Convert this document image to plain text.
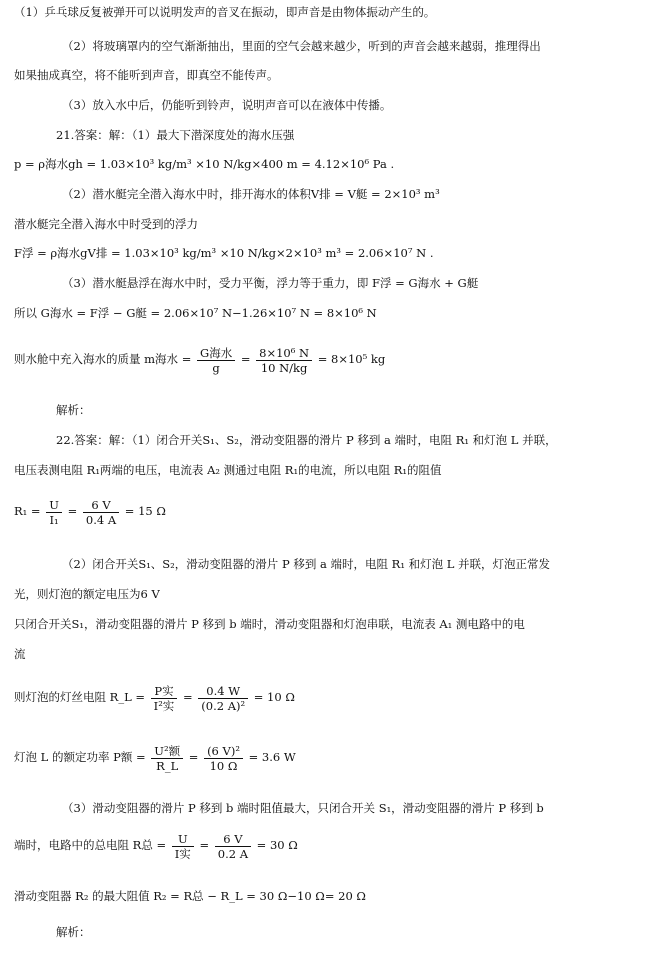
（1）乒乓球反复被弹开可以说明发声的音叉在振动，即声音是由物体振动产生的。
（2）将玻璃罩内的空气渐渐抽出，里面的空气会越来越少，听到的声音会越来越弱，推理得出
如果抽成真空，将不能听到声音，即真空不能传声。
（3）放入水中后，仍能听到铃声，说明声音可以在液体中传播。
21.答案：解：（1）最大下潜深度处的海水压强
p = ρ海水gh = 1.03×10³ kg/m³ ×10 N/kg×400 m = 4.12×10⁶ Pa .
（2）潜水艇完全潜入海水中时，排开海水的体积V排 = V艇 = 2×10³ m³
潜水艇完全潜入海水中时受到的浮力
F浮 = ρ海水gV排 = 1.03×10³ kg/m³ ×10 N/kg×2×10³ m³ = 2.06×10⁷ N .
（3）潜水艇悬浮在海水中时，受力平衡，浮力等于重力，即 F浮 = G海水 + G艇
所以 G海水 = F浮 − G艇 = 2.06×10⁷ N−1.26×10⁷ N = 8×10⁶ N
则水舱中充入海水的质量 m海水 = $\frac{\text{G海水}}{g} = \frac{\text{8×10⁶ N}}{10 N/kg} = 8\times 10^5$ kg
解析：
22.答案：解：（1）闭合开关S₁、S₂，滑动变阻器的滑片 P 移到 a 端时，电阻 R₁ 和灯泡 L 并联，
电压表测电阻 R₁两端的电压，电流表 A₂ 测通过电阻 R₁的电流，所以电阻 R₁的阻值
$R_1 = \frac{U}{\text{I₁}} = \frac{6 V}{0.4 A} = 15$ Ω
（2）闭合开关S₁、S₂，滑动变阻器的滑片 P 移到 a 端时，电阻 R₁ 和灯泡 L 并联，灯泡正常发
光，则灯泡的额定电压为6 V
只闭合开关S₁，滑动变阻器的滑片 P 移到 b 端时，滑动变阻器和灯泡串联，电流表 A₁ 测电路中的电
流
则灯泡的灯丝电阻 R_L = $\frac{\text{P实}}{\text{I²实}} = \frac{0.4 W}{\text{(0.2 A)²}} = 10$ Ω
灯泡 L 的额定功率 P额 = $\frac{\text{U²额}}{R\_L} = \frac{\text{(6 V)²}}{10 \Omega} = 3.6$ W
（3）滑动变阻器的滑片 P 移到 b 端时阻值最大，只闭合开关 S₁，滑动变阻器的滑片 P 移到 b
端时，电路中的总电阻 R总 = $\frac{U}{\text{I实}} = \frac{6 V}{0.2 A} = 30$ Ω
滑动变阻器 R₂ 的最大阻值 R₂ = R总 − R_L = 30 Ω−10 Ω= 20 Ω
解析：
